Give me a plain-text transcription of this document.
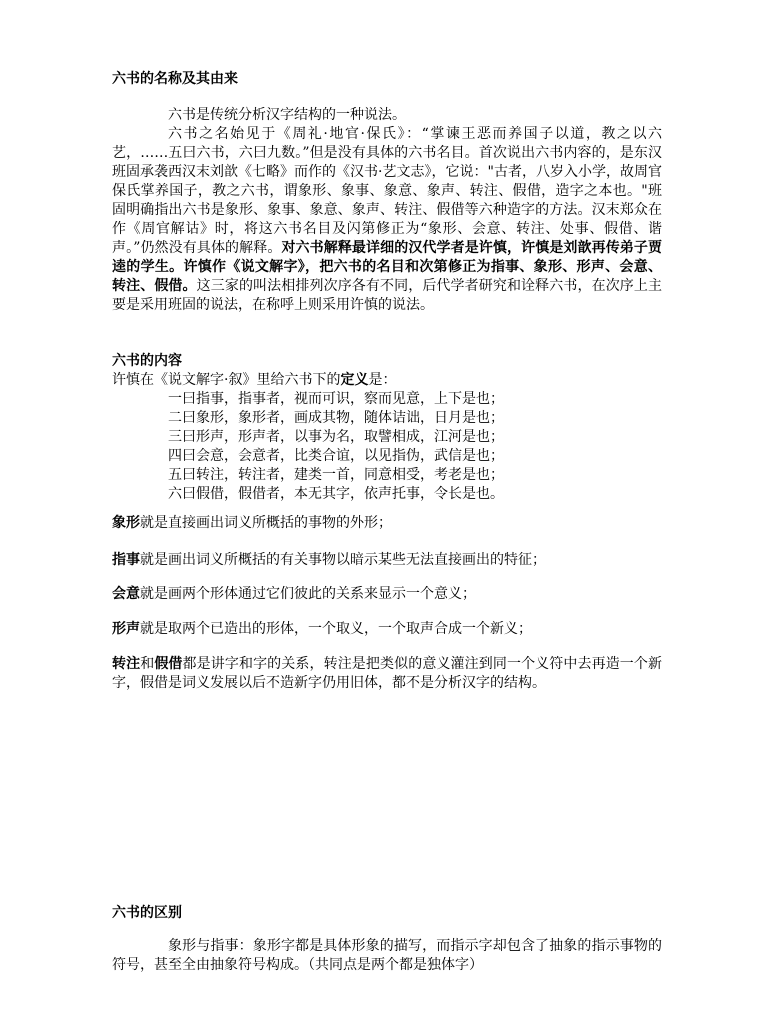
六书的名称及其由来

六书是传统分析汉字结构的一种说法。

六书之名始见于《周礼·地官·保氏》：“掌谏王恶而养国子以道，教之以六艺，……五曰六书，六曰九数。”但是没有具体的六书名目。首次说出六书内容的，是东汉班固承袭西汉末刘歆《七略》而作的《汉书·艺文志》，它说："古者，八岁入小学，故周官保氏掌养国子，教之六书，谓象形、象事、象意、象声、转注、假借，造字之本也。"班固明确指出六书是象形、象事、象意、象声、转注、假借等六种造字的方法。汉末郑众在作《周官解诂》时，将这六书名目及闪第修正为“象形、会意、转注、处事、假借、谐声。”仍然没有具体的解释。对六书解释最详细的汉代学者是许慎，许慎是刘歆再传弟子贾逵的学生。许慎作《说文解字》，把六书的名目和次第修正为指事、象形、形声、会意、转注、假借。这三家的叫法相排列次序各有不同，后代学者研究和诠释六书，在次序上主要是采用班固的说法，在称呼上则采用许慎的说法。

六书的内容

许慎在《说文解字·叙》里给六书下的定义是：

一曰指事，指事者，视而可识，察而见意，上下是也；
二曰象形，象形者，画成其物，随体诘诎，日月是也；
三曰形声，形声者，以事为名，取譬相成，江河是也；
四曰会意，会意者，比类合谊，以见指伪，武信是也；
五曰转注，转注者，建类一首，同意相受，考老是也；
六曰假借，假借者，本无其字，依声托事，令长是也。

象形就是直接画出词义所概括的事物的外形；

指事就是画出词义所概括的有关事物以暗示某些无法直接画出的特征；

会意就是画两个形体通过它们彼此的关系来显示一个意义；

形声就是取两个已造出的形体，一个取义，一个取声合成一个新义；

转注和假借都是讲字和字的关系，转注是把类似的意义灌注到同一个义符中去再造一个新字，假借是词义发展以后不造新字仍用旧体，都不是分析汉字的结构。

六书的区别

象形与指事：象形字都是具体形象的描写，而指示字却包含了抽象的指示事物的符号，甚至全由抽象符号构成。（共同点是两个都是独体字）
